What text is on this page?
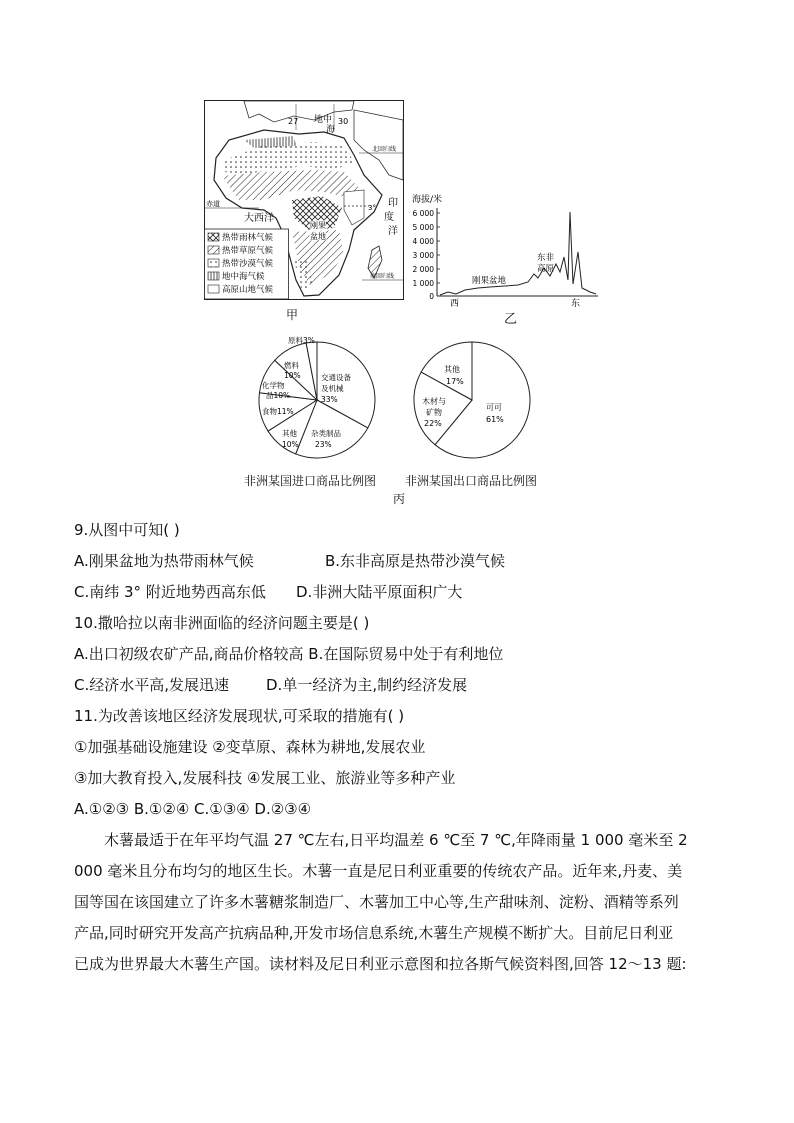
地中
海
北回归线
赤道
大西洋
印
度
洋
刚果
盆地
南回归线
27	30
3°
热带雨林气候
热带草原气候
热带沙漠气候
地中海气候
高原山地气候
甲
海拔/米
6 000
5 000
4 000
3 000
2 000
1 000
0
西	东
刚果盆地
东非
高原
乙
交通设备
及机械
33%
杂类制品
23%
其他
10%
食物11%
化学物
品10%
燃料
10%
原料3%
可可
61%
木材与
矿物
22%
其他
17%
非洲某国进口商品比例图 非洲某国出口商品比例图
丙
9.从图中可知( )
A.刚果盆地为热带雨林气候	B.东非高原是热带沙漠气候
C.南纬 3° 附近地势西高东低 D.非洲大陆平原面积广大
10.撒哈拉以南非洲面临的经济问题主要是( )
A.出口初级农矿产品,商品价格较高 B.在国际贸易中处于有利地位
C.经济水平高,发展迅速 D.单一经济为主,制约经济发展
11.为改善该地区经济发展现状,可采取的措施有( )
①加强基础设施建设 ②变草原、森林为耕地,发展农业
③加大教育投入,发展科技 ④发展工业、旅游业等多种产业
A.①②③ B.①②④ C.①③④ D.②③④
木薯最适于在年平均气温 27 ℃左右,日平均温差 6 ℃至 7 ℃,年降雨量 1 000 毫米至 2
000 毫米且分布均匀的地区生长。木薯一直是尼日利亚重要的传统农产品。近年来,丹麦、美
国等国在该国建立了许多木薯糖浆制造厂、木薯加工中心等,生产甜味剂、淀粉、酒精等系列
产品,同时研究开发高产抗病品种,开发市场信息系统,木薯生产规模不断扩大。目前尼日利亚
已成为世界最大木薯生产国。读材料及尼日利亚示意图和拉各斯气候资料图,回答 12～13 题:
